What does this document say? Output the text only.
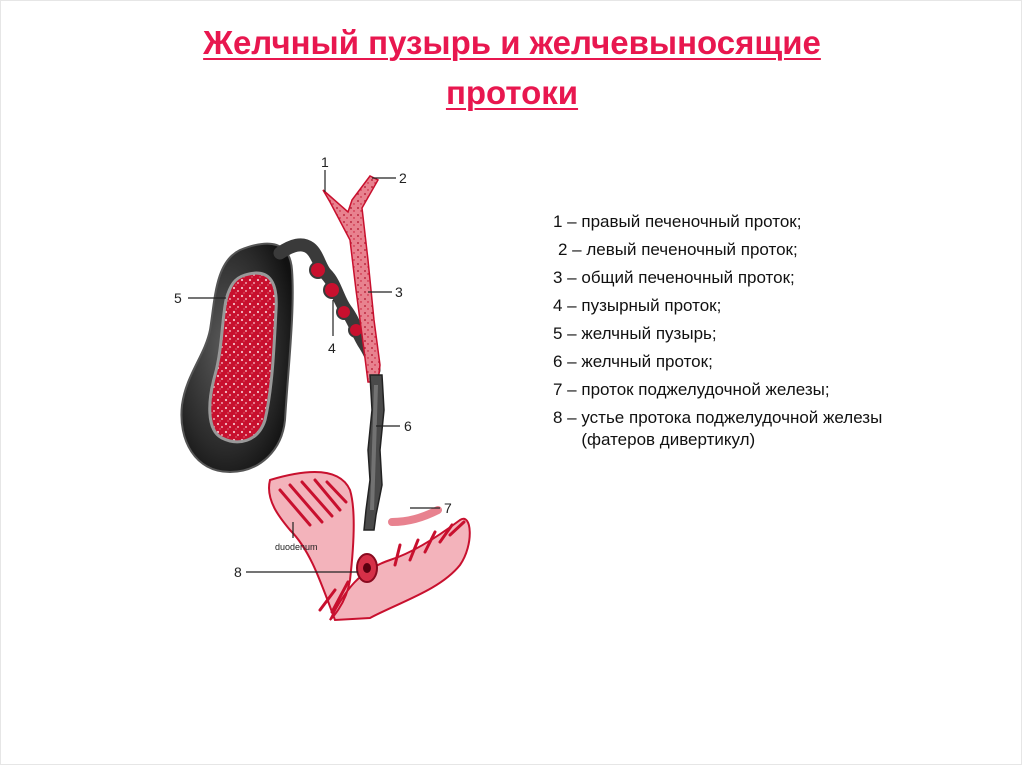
Желчный пузырь и желчевыносящие
протоки
1
2
3
4
5
6
7
8
duodenum
1 – правый печеночный проток;
2 – левый печеночный проток;
3 – общий печеночный проток;
4 – пузырный проток;
5 – желчный пузырь;
6 – желчный проток;
7 – проток поджелудочной железы;
8 – устье протока поджелудочной железы (фатеров дивертикул)
